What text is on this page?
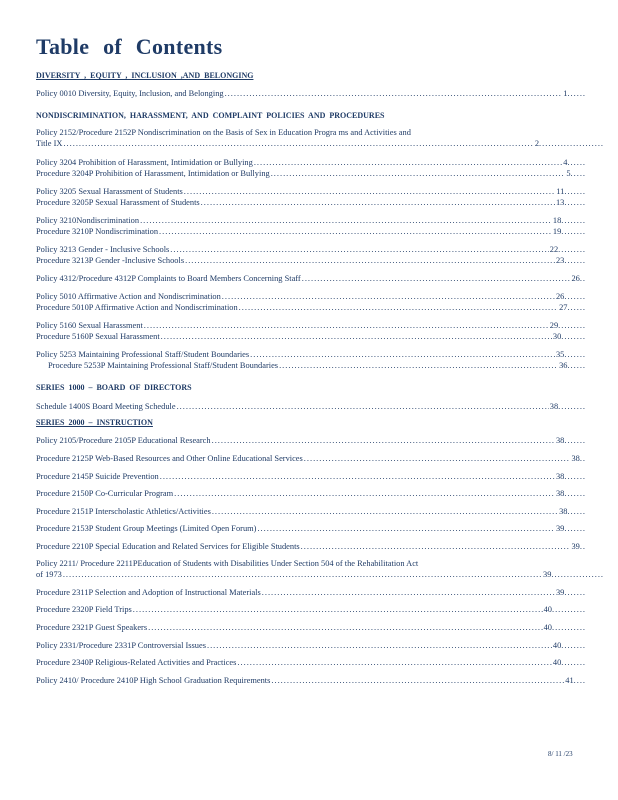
Table of Contents
DIVERSITY , EQUITY , INCLUSION ,AND BELONGING
Policy 0010 Diversity, Equity, Inclusion, and Belonging .....	1 ......
NONDISCRIMINATION, HARASSMENT, AND COMPLAINT POLICIES AND PROCEDURES
Policy 2152/Procedure 2152P Nondiscrimination on the Basis of Sex in Education Progra ms and Activities and
Title IX .....	2 .....................
Policy 3204 Prohibition of Harassment, Intimidation or Bullying .....	4 ......
Procedure 3204P Prohibition of Harassment, Intimidation or Bullying .....	5 .....
Policy 3205 Sexual Harassment of Students .....	11 .......
Procedure 3205P Sexual Harassment of Students .....	13 .......
Policy 3210Nondiscrimination .....	18 ........
Procedure 3210P Nondiscrimination .....	19 ........
Policy 3213 Gender - Inclusive Schools .....	22 .........
Procedure 3213P Gender -Inclusive Schools .....	23 .......
Policy 4312/Procedure 4312P Complaints to Board Members Concerning Staff .....	26 ..
Policy 5010 Affirmative Action and Nondiscrimination .....	26 .......
Procedure 5010P Affirmative Action and Nondiscrimination .....	27 ......
Policy 5160 Sexual Harassment .....	29 .........
Procedure 5160P Sexual Harassment .....	30 ........
Policy 5253 Maintaining Professional Staff/Student Boundaries .....	35 .......
Procedure 5253P Maintaining Professional Staff/Student Boundaries .....	36 ......
SERIES 1000 – BOARD OF DIRECTORS
Schedule 1400S Board Meeting Schedule .....	38 .........
SERIES 2000 – INSTRUCTION
Policy 2105/Procedure 2105P Educational Research .....	38 .......
Procedure 2125P Web-Based Resources and Other Online Educational Services .....	38 ..
Procedure 2145P Suicide Prevention .....	38 .......
Procedure 2150P Co-Curricular Program .....	38 .......
Procedure 2151P Interscholastic Athletics/Activities .....	38 ......
Procedure 2153P Student Group Meetings (Limited Open Forum) .....	39 .......
Procedure 2210P Special Education and Related Services for Eligible Students .....	39 ..
Policy 2211/ Procedure 2211PEducation of Students with Disabilities Under Section 504 of the Rehabilitation Act
of 1973 .....	39 .................
Procedure 2311P Selection and Adoption of Instructional Materials .....	39 .......
Procedure 2320P Field Trips .....	40 ...........
Procedure 2321P Guest Speakers .....	40 ...........
Policy 2331/Procedure 2331P Controversial Issues .....	40 ........
Procedure 2340P Religious-Related Activities and Practices .....	40 ........
Policy 2410/ Procedure 2410P High School Graduation Requirements .....	41 ....
8/ 11 /23
